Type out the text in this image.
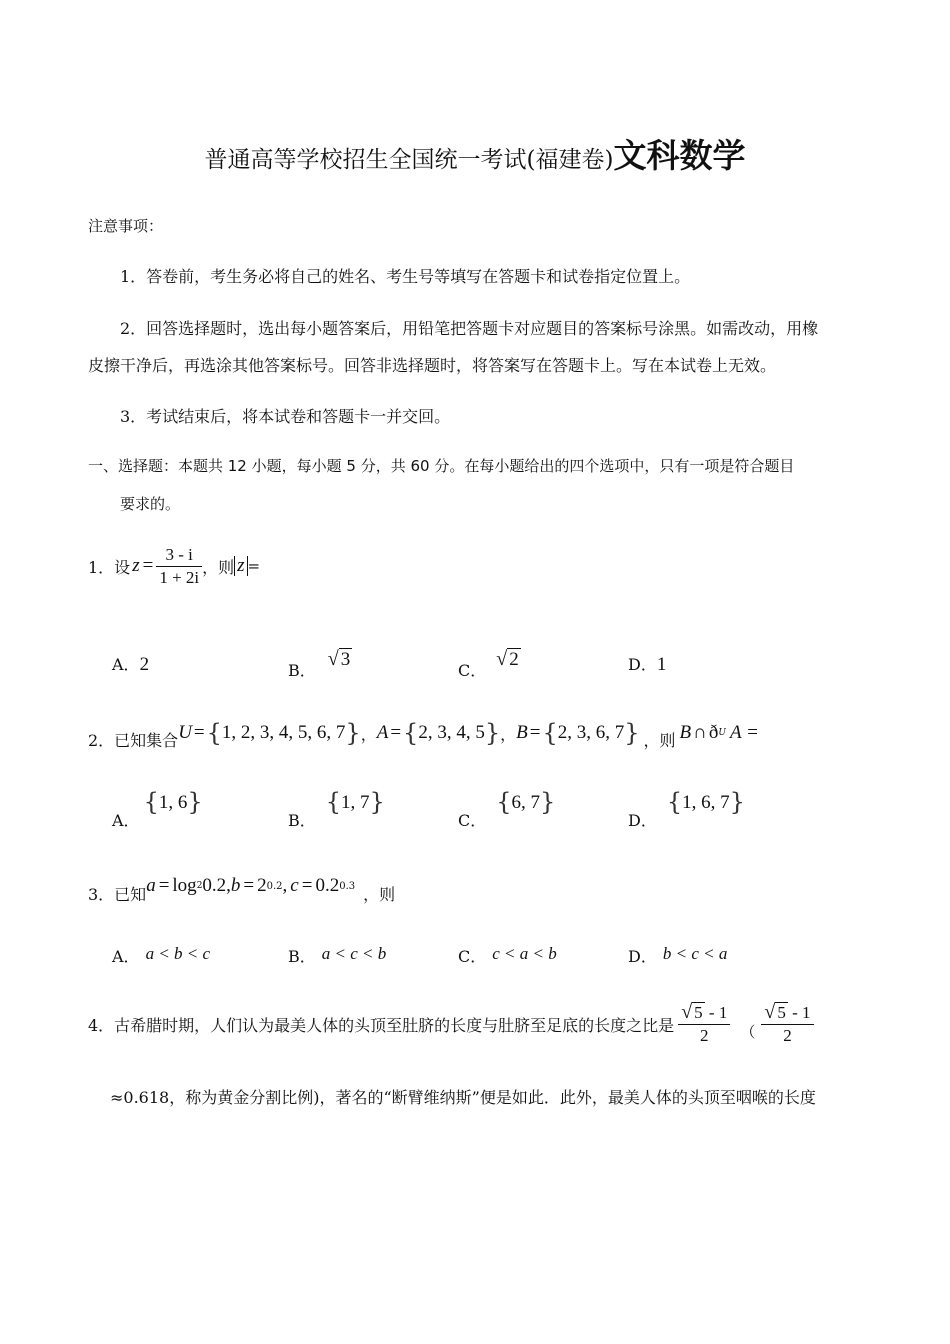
普通高等学校招生全国统一考试(福建卷)文科数学
注意事项：
1．答卷前，考生务必将自己的姓名、考生号等填写在答题卡和试卷指定位置上。
2．回答选择题时，选出每小题答案后，用铅笔把答题卡对应题目的答案标号涂黑。如需改动，用橡
皮擦干净后，再选涂其他答案标号。回答非选择题时，将答案写在答题卡上。写在本试卷上无效。
3．考试结束后，将本试卷和答题卡一并交回。
一、选择题：本题共 12 小题，每小题 5 分，共 60 分。在每小题给出的四个选项中，只有一项是符合题目
要求的。
1．设 $z = \frac{3 - i}{1 + 2i}$ ，则 z =
A．2	B．
√ 3
C．
√ 2	D．1
2．已知集合 U = { 1, 2, 3, 4, 5, 6, 7 } ， A = { 2, 3, 4, 5 } ， B = { 2, 3, 6, 7 } ，则 B ∩ ð U A =
A．
{1, 6}
B．
{1, 7}
C．
{6, 7}
D．
{1, 6, 7}
3．已知 a = log 2 0.2, b = 2 0.2 , c = 0.2 0.3 ，则
A． a < b < c	B． a < c < b	C． c < a < b	D． b < c < a
4．古希腊时期，人们认为最美人体的头顶至肚脐的长度与肚脐至足底的长度之比是 $\frac{√ 5 - 1}{2}$ （ $\frac{√ 5 - 1}{2}$
≈0.618，称为黄金分割比例)，著名的“断臂维纳斯”便是如此．此外，最美人体的头顶至咽喉的长度
